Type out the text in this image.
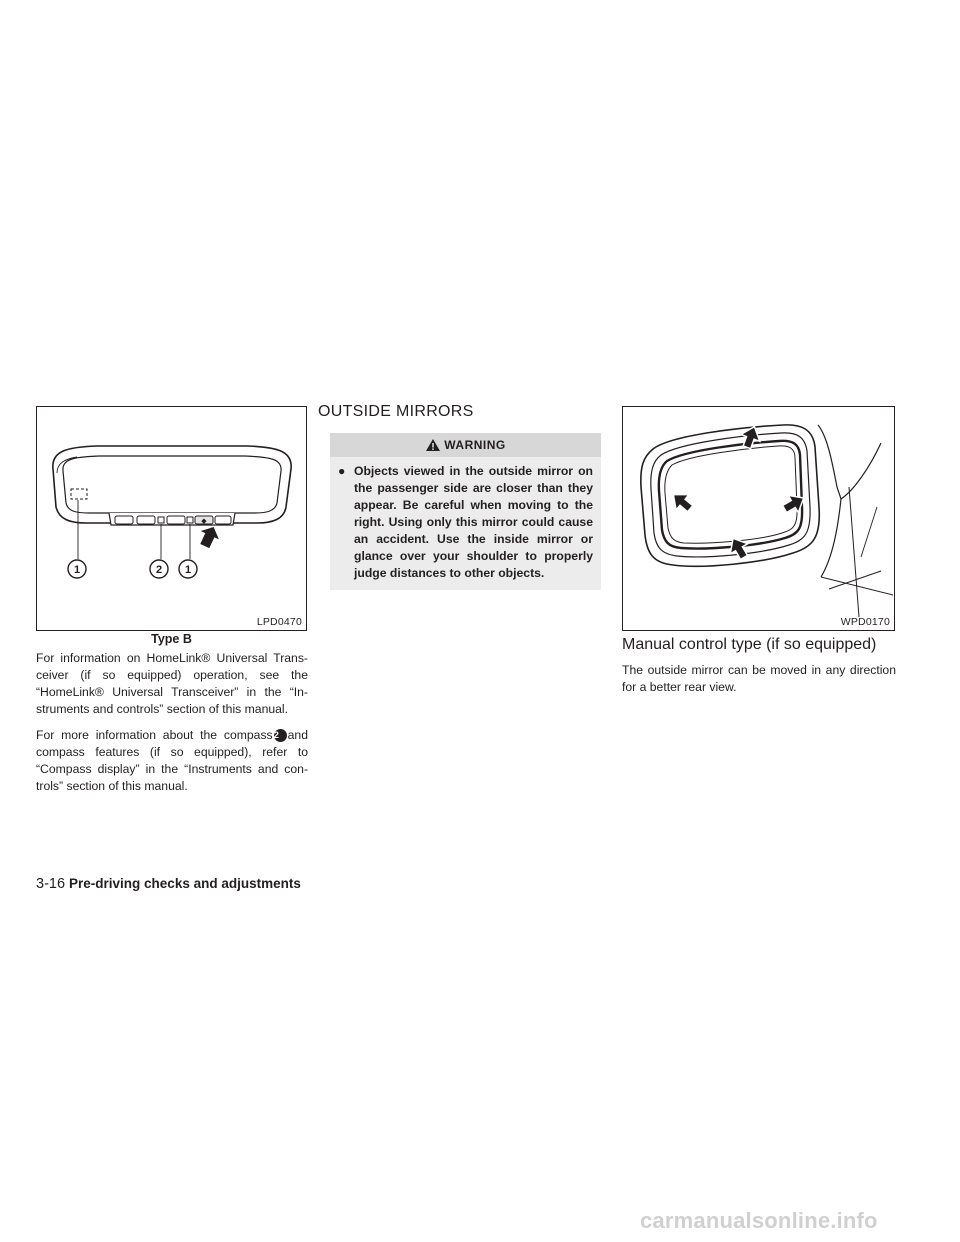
◆
1	2 1
LPD0470
Type B

For information on HomeLink® Universal Trans- ceiver (if so equipped) operation, see the “HomeLink® Universal Transceiver” in the “In- struments and controls” section of this manual.

For more information about the compass2 and compass features (if so equipped), refer to “Compass display” in the “Instruments and con- trols” section of this manual.

OUTSIDE MIRRORS
WARNING
● Objects viewed in the outside mirror on the passenger side are closer than they appear. Be careful when moving to the right. Using only this mirror could cause an accident. Use the inside mirror or glance over your shoulder to properly judge distances to other objects.
WPD0170
Manual control type (if so equipped)
The outside mirror can be moved in any direction for a better rear view.
3-16 Pre-driving checks and adjustments
carmanualsonline.info
